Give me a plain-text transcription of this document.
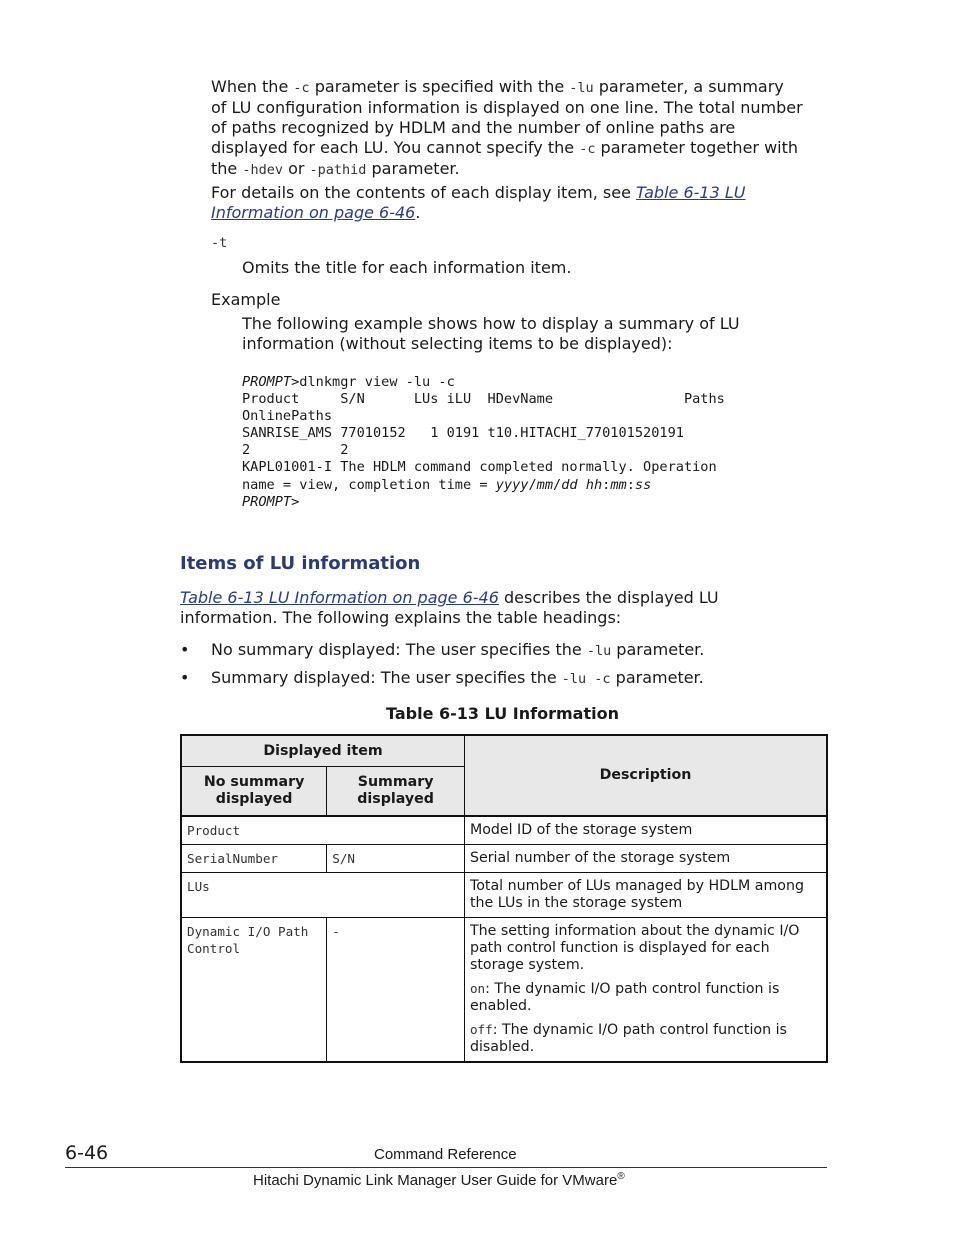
When the -c parameter is specified with the -lu parameter, a summary
of LU configuration information is displayed on one line. The total number
of paths recognized by HDLM and the number of online paths are
displayed for each LU. You cannot specify the -c parameter together with
the -hdev or -pathid parameter.
For details on the contents of each display item, see Table 6-13 LU
Information on page 6-46.
-t
Omits the title for each information item.
Example
The following example shows how to display a summary of LU
information (without selecting items to be displayed):
PROMPT>dlnkmgr view -lu -c
Product     S/N      LUs iLU  HDevName                Paths
OnlinePaths
SANRISE_AMS 77010152   1 0191 t10.HITACHI_770101520191
2           2
KAPL01001-I The HDLM command completed normally. Operation
name = view, completion time = yyyy/mm/dd hh:mm:ss
PROMPT>
Items of LU information
Table 6-13 LU Information on page 6-46 describes the displayed LU
information. The following explains the table headings:
• No summary displayed: The user specifies the -lu parameter.
• Summary displayed: The user specifies the -lu -c parameter.
Table 6-13 LU Information
Displayed item		Description
No summary displayed	Summary displayed	
Product		Model ID of the storage system
SerialNumber	S/N	Serial number of the storage system
LUs		Total number of LUs managed by HDLM among the LUs in the storage system
Dynamic I/O Path Control	-	The setting information about the dynamic I/O path control function is displayed for each storage system.

on: The dynamic I/O path control function is enabled.

off: The dynamic I/O path control function is disabled.

6-46	Command Reference
Hitachi Dynamic Link Manager User Guide for VMware®
